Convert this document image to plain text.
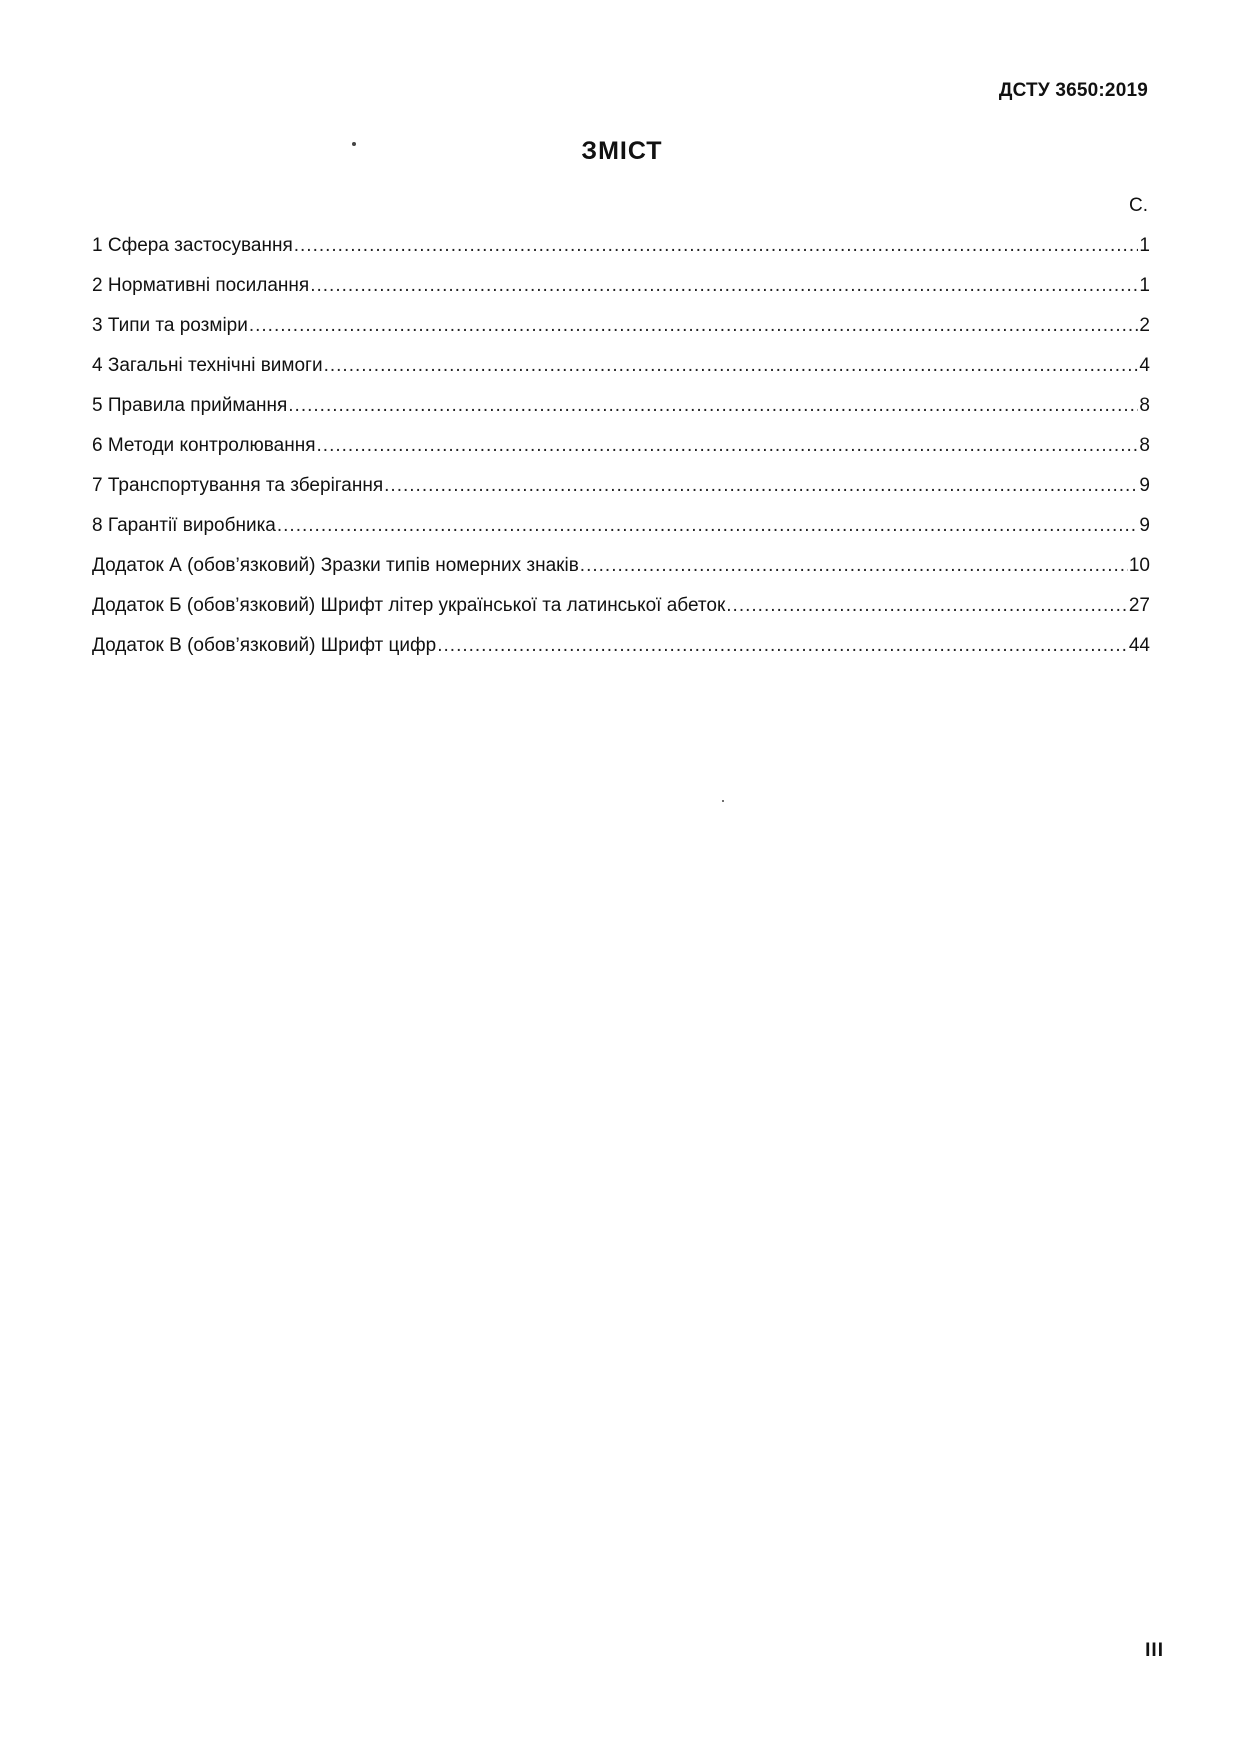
ДСТУ 3650:2019
ЗМІСТ
С.
1 Сфера застосування .....	1
2 Нормативні посилання .....	1
3 Типи та розміри .....	2
4 Загальні технічні вимоги .....	4
5 Правила приймання .....	8
6 Методи контролювання .....	8
7 Транспортування та зберігання .....	9
8 Гарантії виробника .....	9
Додаток А (обов’язковий) Зразки типів номерних знаків .....	10
Додаток Б (обов’язковий) Шрифт літер української та латинської абеток .....	27
Додаток В (обов’язковий) Шрифт цифр .....	44
III
